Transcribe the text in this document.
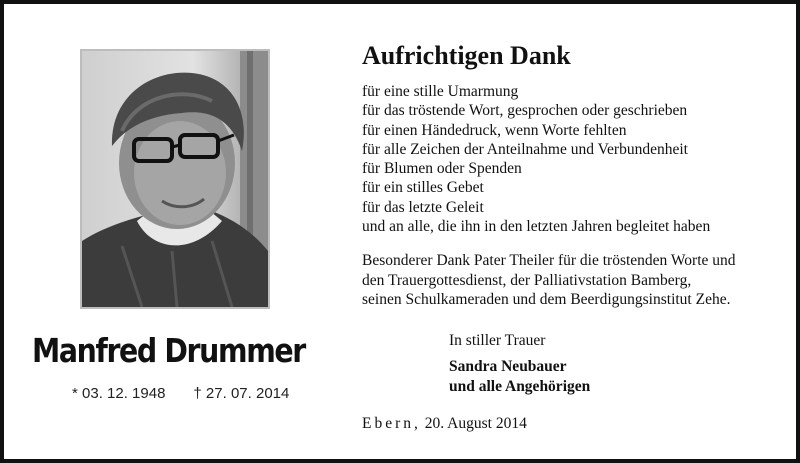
Manfred Drummer
* 03. 12. 1948 † 27. 07. 2014
Aufrichtigen Dank
für eine stille Umarmung
für das tröstende Wort, gesprochen oder geschrieben
für einen Händedruck, wenn Worte fehlten
für alle Zeichen der Anteilnahme und Verbundenheit
für Blumen oder Spenden
für ein stilles Gebet
für das letzte Geleit
und an alle, die ihn in den letzten Jahren begleitet haben
Besonderer Dank Pater Theiler für die tröstenden Worte und
den Trauergottesdienst, der Palliativstation Bamberg,
seinen Schulkameraden und dem Beerdigungsinstitut Zehe.
In stiller Trauer
Sandra Neubauer
und alle Angehörigen
Ebern, 20. August 2014
